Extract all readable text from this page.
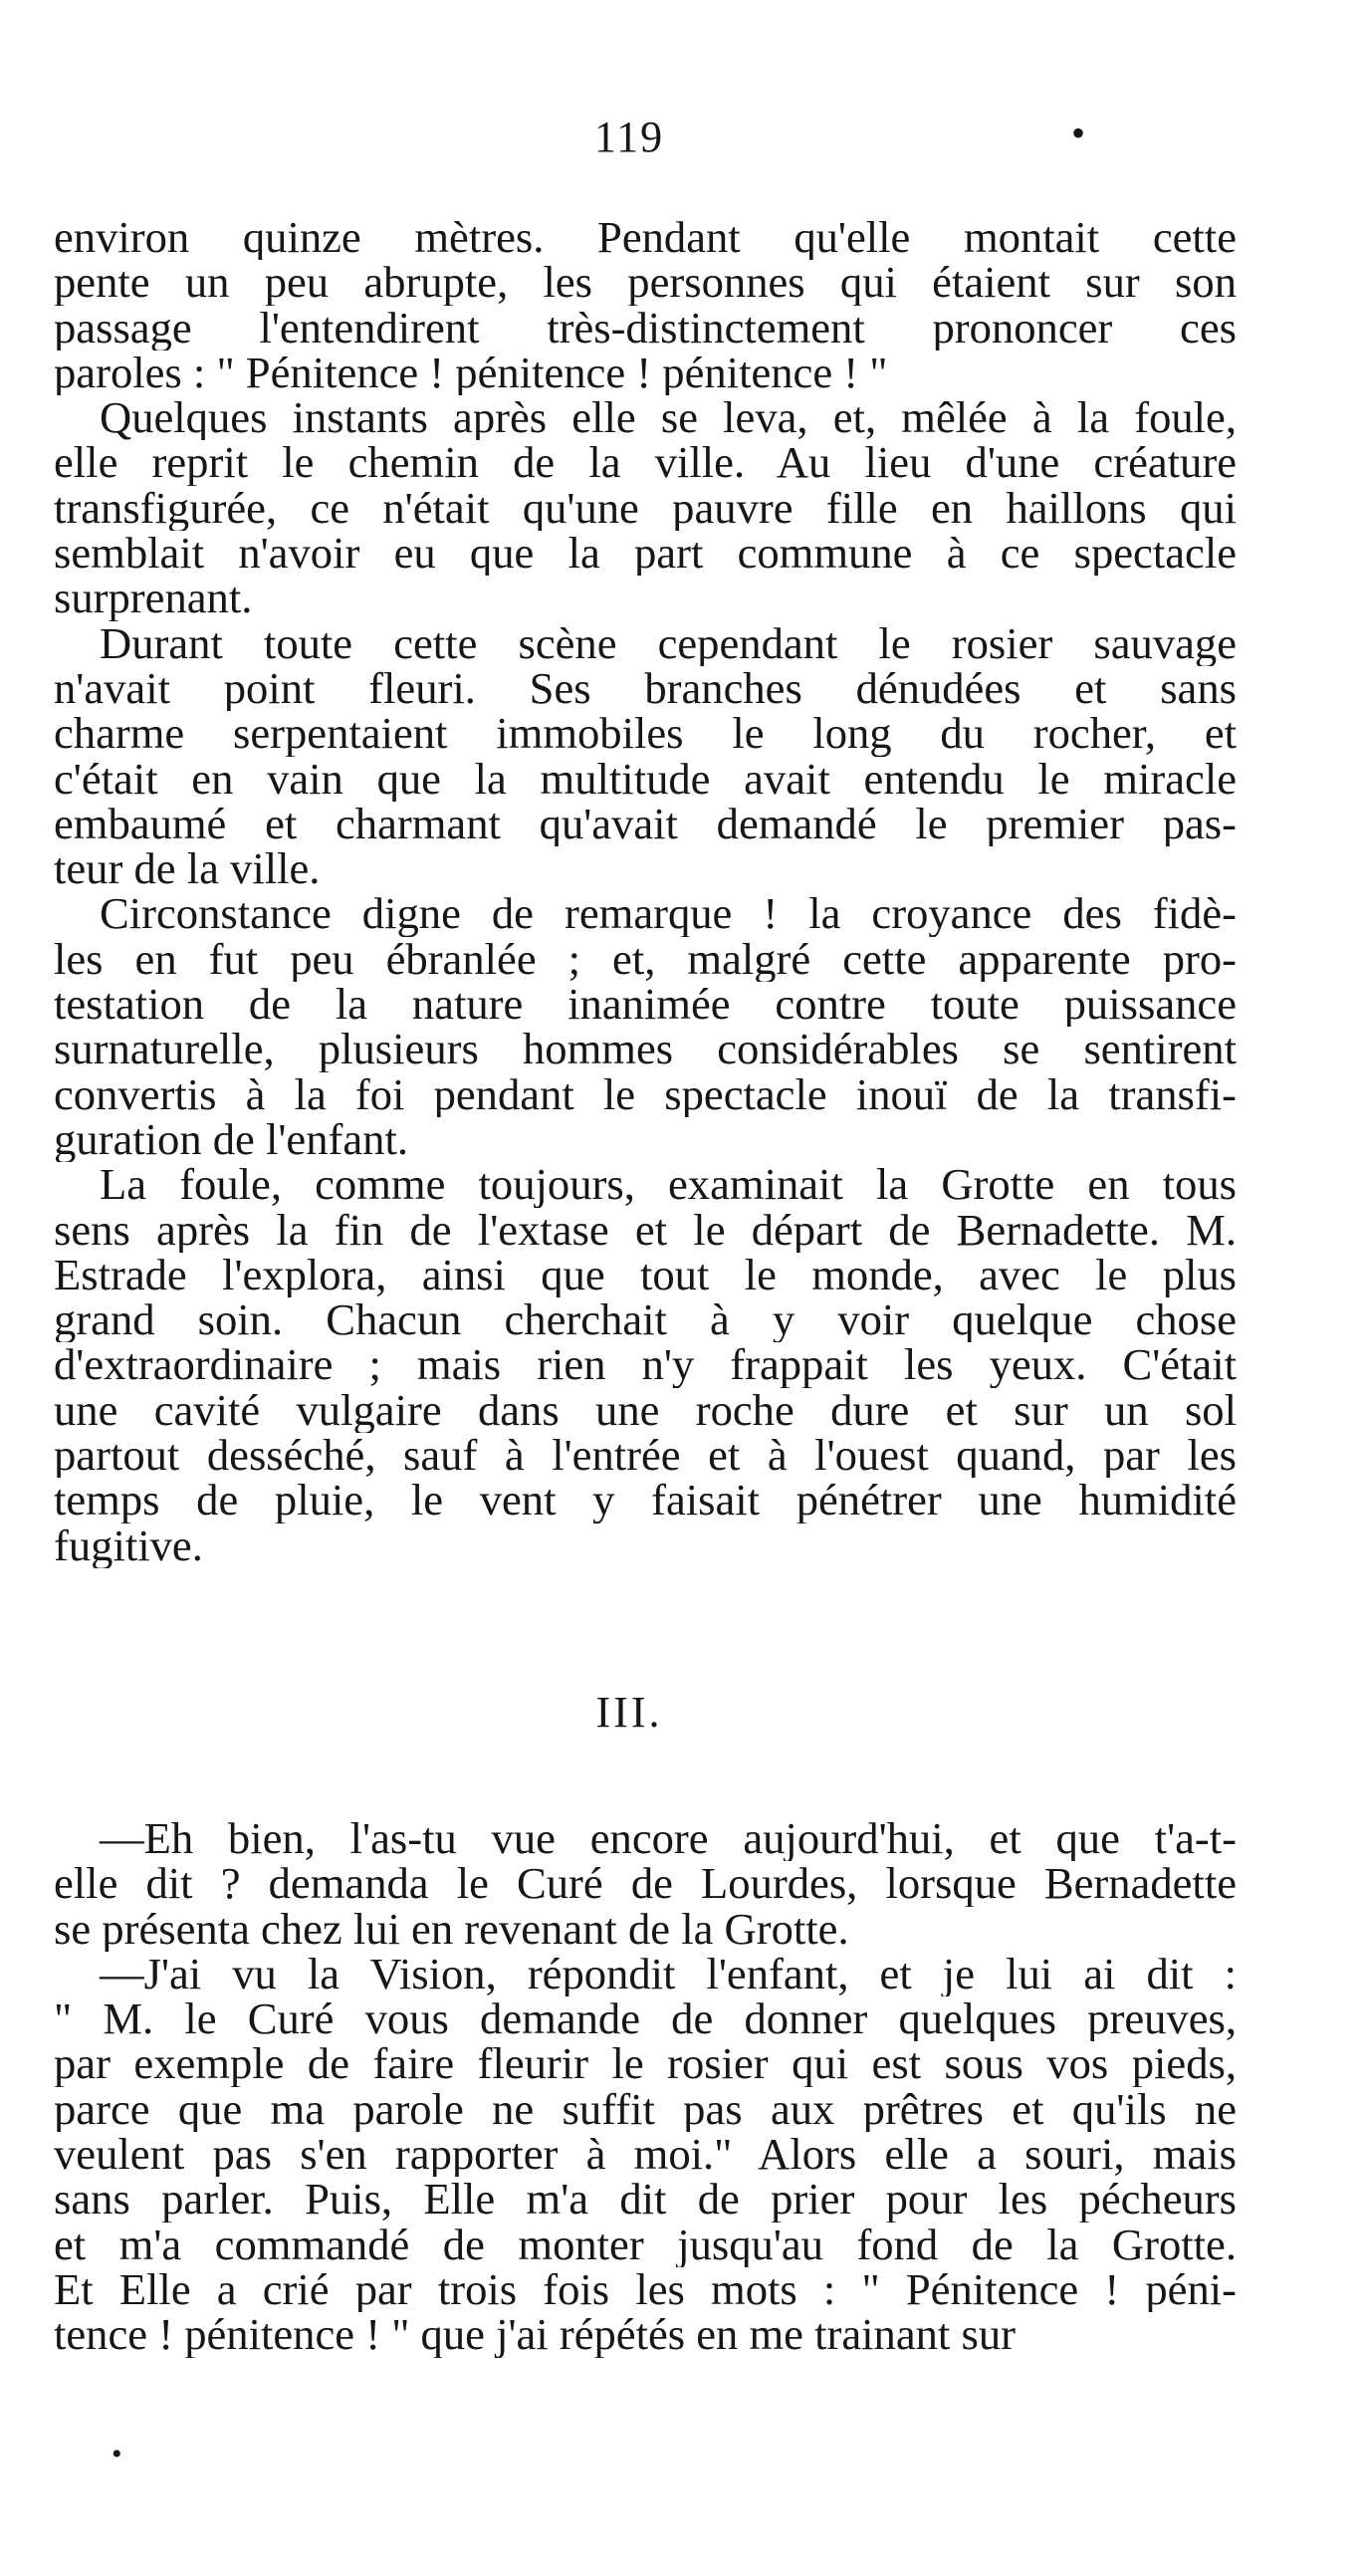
119	•
environ quinze mètres. Pendant qu'elle montait cette
pente un peu abrupte, les personnes qui étaient sur son
passage l'entendirent très-distinctement prononcer ces
paroles : " Pénitence ! pénitence ! pénitence ! "
Quelques instants après elle se leva, et, mêlée à la foule,
elle reprit le chemin de la ville. Au lieu d'une créature
transfigurée, ce n'était qu'une pauvre fille en haillons qui
semblait n'avoir eu que la part commune à ce spectacle
surprenant.
Durant toute cette scène cependant le rosier sauvage
n'avait point fleuri. Ses branches dénudées et sans
charme serpentaient immobiles le long du rocher, et
c'était en vain que la multitude avait entendu le miracle
embaumé et charmant qu'avait demandé le premier pas-
teur de la ville.
Circonstance digne de remarque ! la croyance des fidè-
les en fut peu ébranlée ; et, malgré cette apparente pro-
testation de la nature inanimée contre toute puissance
surnaturelle, plusieurs hommes considérables se sentirent
convertis à la foi pendant le spectacle inouï de la transfi-
guration de l'enfant.
La foule, comme toujours, examinait la Grotte en tous
sens après la fin de l'extase et le départ de Bernadette. M.
Estrade l'explora, ainsi que tout le monde, avec le plus
grand soin. Chacun cherchait à y voir quelque chose
d'extraordinaire ; mais rien n'y frappait les yeux. C'était
une cavité vulgaire dans une roche dure et sur un sol
partout desséché, sauf à l'entrée et à l'ouest quand, par les
temps de pluie, le vent y faisait pénétrer une humidité
fugitive.
III.
—Eh bien, l'as-tu vue encore aujourd'hui, et que t'a-t-
elle dit ? demanda le Curé de Lourdes, lorsque Bernadette
se présenta chez lui en revenant de la Grotte.
—J'ai vu la Vision, répondit l'enfant, et je lui ai dit :
" M. le Curé vous demande de donner quelques preuves,
par exemple de faire fleurir le rosier qui est sous vos pieds,
parce que ma parole ne suffit pas aux prêtres et qu'ils ne
veulent pas s'en rapporter à moi." Alors elle a souri, mais
sans parler. Puis, Elle m'a dit de prier pour les pécheurs
et m'a commandé de monter jusqu'au fond de la Grotte.
Et Elle a crié par trois fois les mots : " Pénitence ! péni-
tence ! pénitence ! " que j'ai répétés en me trainant sur
•
